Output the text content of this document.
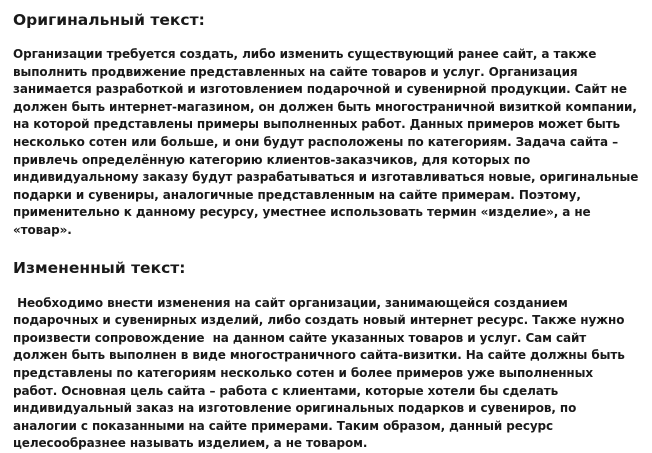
Оригинальный текст:

Организации требуется создать, либо изменить существующий ранее сайт, а также выполнить продвижение представленных на сайте товаров и услуг. Организация занимается разработкой и изготовлением подарочной и сувенирной продукции. Сайт не должен быть интернет-магазином, он должен быть многостраничной визиткой компании, на которой представлены примеры выполненных работ. Данных примеров может быть несколько сотен или больше, и они будут расположены по категориям. Задача сайта – привлечь определённую категорию клиентов-заказчиков, для которых по индивидуальному заказу будут разрабатываться и изготавливаться новые, оригинальные подарки и сувениры, аналогичные представленным на сайте примерам. Поэтому, применительно к данному ресурсу, уместнее использовать термин «изделие», а не «товар».

Измененный текст:

Необходимо внести изменения на сайт организации, занимающейся созданием подарочных и сувенирных изделий, либо создать новый интернет ресурс. Также нужно произвести сопровождение  на данном сайте указанных товаров и услуг. Сам сайт должен быть выполнен в виде многостраничного сайта-визитки. На сайте должны быть представлены по категориям несколько сотен и более примеров уже выполненных работ. Основная цель сайта – работа с клиентами, которые хотели бы сделать индивидуальный заказ на изготовление оригинальных подарков и сувениров, по аналогии с показанными на сайте примерами. Таким образом, данный ресурс целесообразнее называть изделием, а не товаром.
